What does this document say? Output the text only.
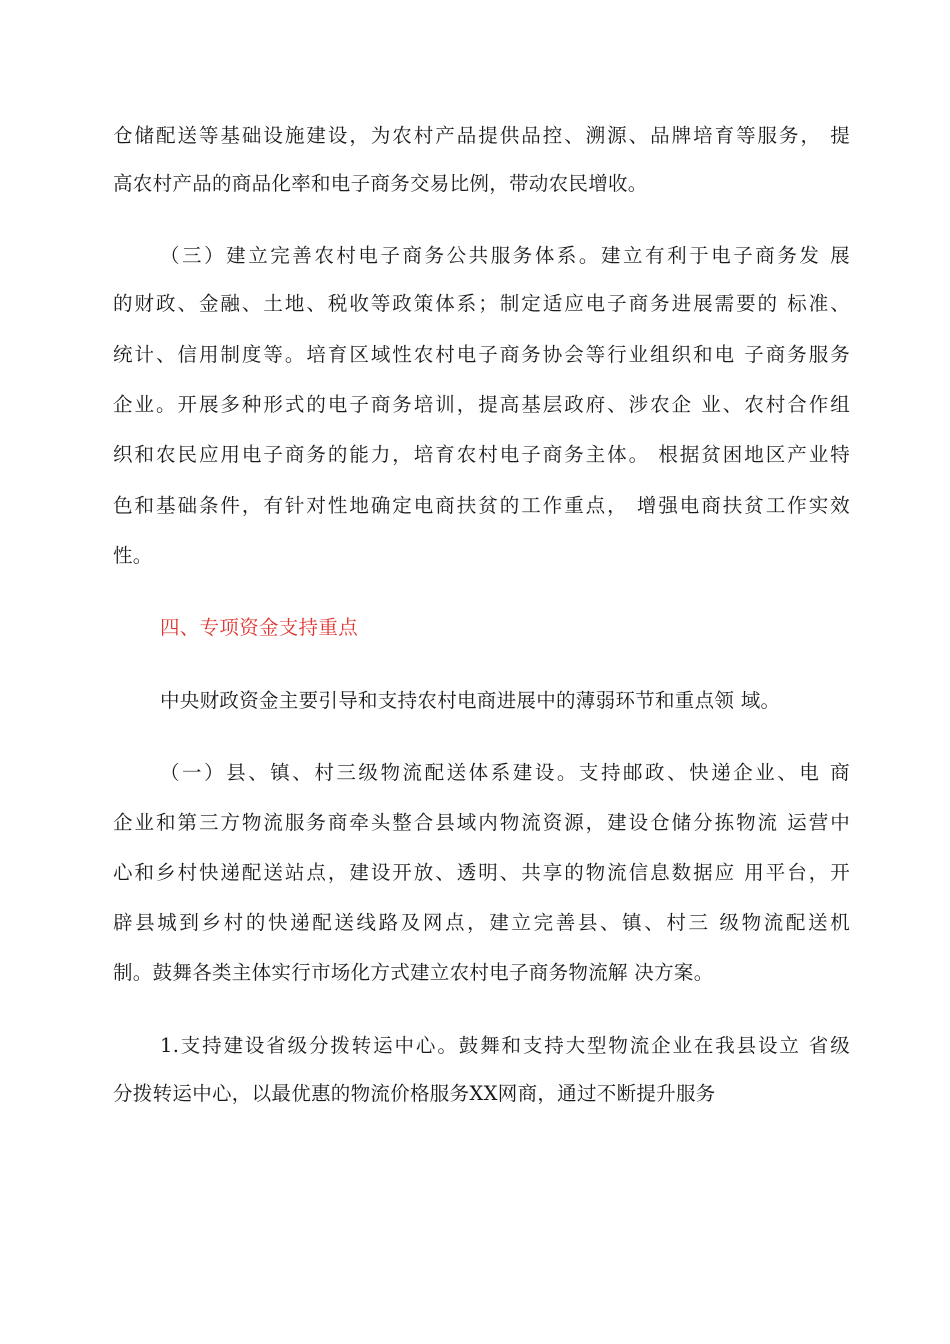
仓储配送等基础设施建设，为农村产品提供品控、溯源、品牌培育等服务， 提
高农村产品的商品化率和电子商务交易比例，带动农民增收。
（三）建立完善农村电子商务公共服务体系。建立有利于电子商务发 展
的财政、金融、土地、税收等政策体系；制定适应电子商务进展需要的 标准、
统计、信用制度等。培育区域性农村电子商务协会等行业组织和电 子商务服务
企业。开展多种形式的电子商务培训，提高基层政府、涉农企 业、农村合作组
织和农民应用电子商务的能力，培育农村电子商务主体。 根据贫困地区产业特
色和基础条件，有针对性地确定电商扶贫的工作重点， 增强电商扶贫工作实效
性。
四、专项资金支持重点
中央财政资金主要引导和支持农村电商进展中的薄弱环节和重点领 域。
（一）县、镇、村三级物流配送体系建设。支持邮政、快递企业、电 商
企业和第三方物流服务商牵头整合县域内物流资源，建设仓储分拣物流 运营中
心和乡村快递配送站点，建设开放、透明、共享的物流信息数据应 用平台，开
辟县城到乡村的快递配送线路及网点，建立完善县、镇、村三 级物流配送机
制。鼓舞各类主体实行市场化方式建立农村电子商务物流解 决方案。
1.支持建设省级分拨转运中心。鼓舞和支持大型物流企业在我县设立 省级
分拨转运中心，以最优惠的物流价格服务XX网商，通过不断提升服务
